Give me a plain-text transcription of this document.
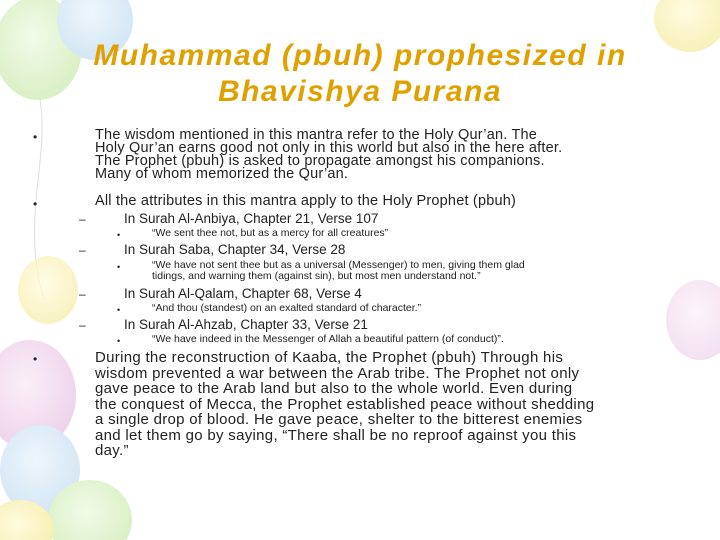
Muhammad (pbuh) prophesized in Bhavishya Purana
•	The wisdom mentioned in this mantra refer to the Holy Qur’an. The
Holy Qur’an earns good not only in this world but also in the here after.
The Prophet (pbuh) is asked to propagate amongst his companions.
Many of whom memorized the Qur’an.
•	All the attributes in this mantra apply to the Holy Prophet (pbuh)
–	In Surah Al-Anbiya, Chapter 21, Verse 107
•	“We sent thee not, but as a mercy for all creatures”
–	In Surah Saba, Chapter 34, Verse 28
•	“We have not sent thee but as a universal (Messenger) to men, giving them glad
tidings, and warning them (against sin), but most men understand not.”
–	In Surah Al-Qalam, Chapter 68, Verse 4
•	“And thou (standest) on an exalted standard of character.”
–	In Surah Al-Ahzab, Chapter 33, Verse 21
•	“We have indeed in the Messenger of Allah a beautiful pattern (of conduct)”.
•	During the reconstruction of Kaaba, the Prophet (pbuh) Through his
wisdom prevented a war between the Arab tribe. The Prophet not only
gave peace to the Arab land but also to the whole world. Even during
the conquest of Mecca, the Prophet established peace without shedding
a single drop of blood. He gave peace, shelter to the bitterest enemies
and let them go by saying, “There shall be no reproof against you this
day.”
